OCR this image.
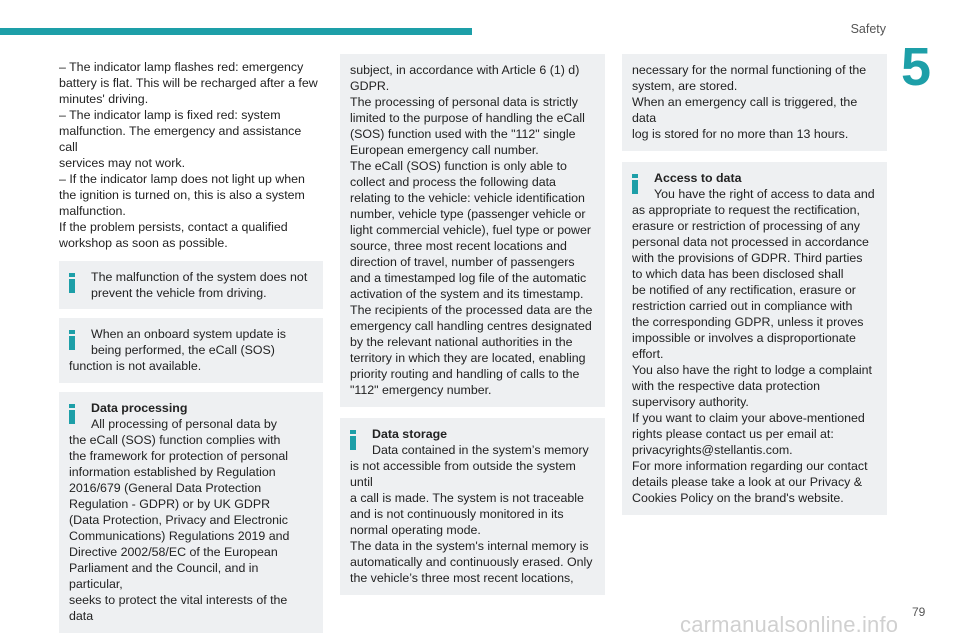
Safety
5

– The indicator lamp flashes red: emergency
battery is flat. This will be recharged after a few
minutes' driving.
– The indicator lamp is fixed red: system
malfunction. The emergency and assistance call
services may not work.
– If the indicator lamp does not light up when
the ignition is turned on, this is also a system
malfunction.
If the problem persists, contact a qualified
workshop as soon as possible.

The malfunction of the system does not
prevent the vehicle from driving.

When an onboard system update is
being performed, the eCall (SOS)

function is not available.

Data processing

All processing of personal data by

the eCall (SOS) function complies with
the framework for protection of personal
information established by Regulation
2016/679 (General Data Protection
Regulation - GDPR) or by UK GDPR
(Data Protection, Privacy and Electronic
Communications) Regulations 2019 and
Directive 2002/58/EC of the European
Parliament and the Council, and in particular,
seeks to protect the vital interests of the data

subject, in accordance with Article 6 (1) d)
GDPR.
The processing of personal data is strictly
limited to the purpose of handling the eCall
(SOS) function used with the "112" single
European emergency call number.
The eCall (SOS) function is only able to
collect and process the following data
relating to the vehicle: vehicle identification
number, vehicle type (passenger vehicle or
light commercial vehicle), fuel type or power
source, three most recent locations and
direction of travel, number of passengers
and a timestamped log file of the automatic
activation of the system and its timestamp.
The recipients of the processed data are the
emergency call handling centres designated
by the relevant national authorities in the
territory in which they are located, enabling
priority routing and handling of calls to the
"112" emergency number.

Data storage

Data contained in the system’s memory

is not accessible from outside the system until
a call is made. The system is not traceable
and is not continuously monitored in its
normal operating mode.
The data in the system's internal memory is
automatically and continuously erased. Only
the vehicle’s three most recent locations,

necessary for the normal functioning of the
system, are stored.
When an emergency call is triggered, the data
log is stored for no more than 13 hours.

Access to data

You have the right of access to data and

as appropriate to request the rectification,
erasure or restriction of processing of any
personal data not processed in accordance
with the provisions of GDPR. Third parties
to which data has been disclosed shall
be notified of any rectification, erasure or
restriction carried out in compliance with
the corresponding GDPR, unless it proves
impossible or involves a disproportionate
effort.
You also have the right to lodge a complaint
with the respective data protection
supervisory authority.
If you want to claim your above-mentioned
rights please contact us per email at:
privacyrights@stellantis.com.
For more information regarding our contact
details please take a look at our Privacy &
Cookies Policy on the brand's website.

79
carmanualsonline.info
